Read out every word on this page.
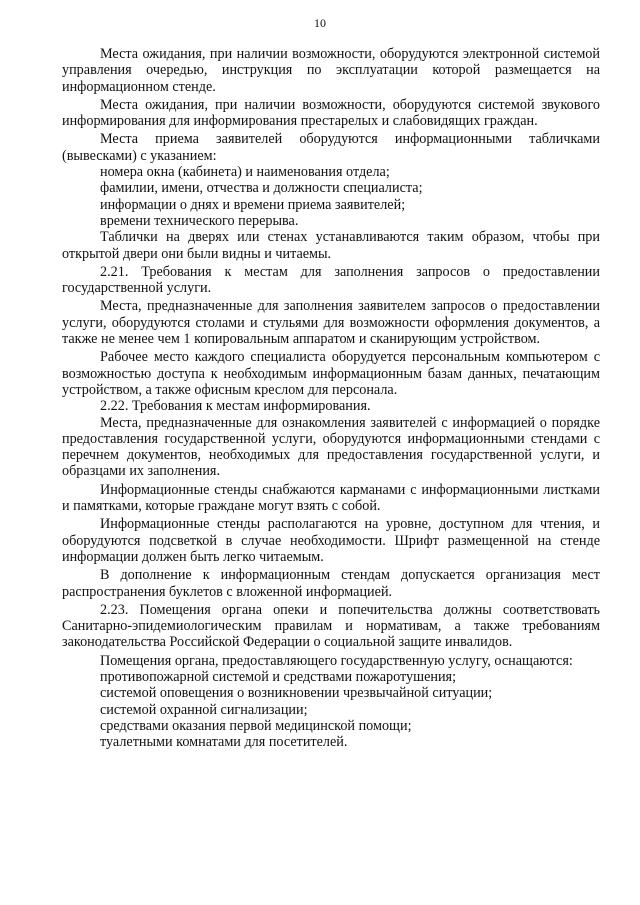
10

Места ожидания, при наличии возможности, оборудуются электронной системой управления очередью, инструкция по эксплуатации которой размещается на информационном стенде.

Места ожидания, при наличии возможности, оборудуются системой звукового информирования для информирования престарелых и слабовидящих граждан.

Места приема заявителей оборудуются информационными табличками (вывесками) с указанием:

номера окна (кабинета) и наименования отдела;

фамилии, имени, отчества и должности специалиста;

информации о днях и времени приема заявителей;

времени технического перерыва.

Таблички на дверях или стенах устанавливаются таким образом, чтобы при открытой двери они были видны и читаемы.

2.21. Требования к местам для заполнения запросов о предоставлении государственной услуги.

Места, предназначенные для заполнения заявителем запросов о предоставлении услуги, оборудуются столами и стульями для возможности оформления документов, а также не менее чем 1 копировальным аппаратом и сканирующим устройством.

Рабочее место каждого специалиста оборудуется персональным компьютером с возможностью доступа к необходимым информационным базам данных, печатающим устройством, а также офисным креслом для персонала.

2.22. Требования к местам информирования.

Места, предназначенные для ознакомления заявителей с информацией о порядке предоставления государственной услуги, оборудуются информационными стендами с перечнем документов, необходимых для предоставления государственной услуги, и образцами их заполнения.

Информационные стенды снабжаются карманами с информационными листками и памятками, которые граждане могут взять с собой.

Информационные стенды располагаются на уровне, доступном для чтения, и оборудуются подсветкой в случае необходимости. Шрифт размещенной на стенде информации должен быть легко читаемым.

В дополнение к информационным стендам допускается организация мест распространения буклетов с вложенной информацией.

2.23. Помещения органа опеки и попечительства должны соответствовать Санитарно-эпидемиологическим правилам и нормативам, а также требованиям законодательства Российской Федерации о социальной защите инвалидов.

Помещения органа, предоставляющего государственную услугу, оснащаются:

противопожарной системой и средствами пожаротушения;

системой оповещения о возникновении чрезвычайной ситуации;

системой охранной сигнализации;

средствами оказания первой медицинской помощи;

туалетными комнатами для посетителей.
